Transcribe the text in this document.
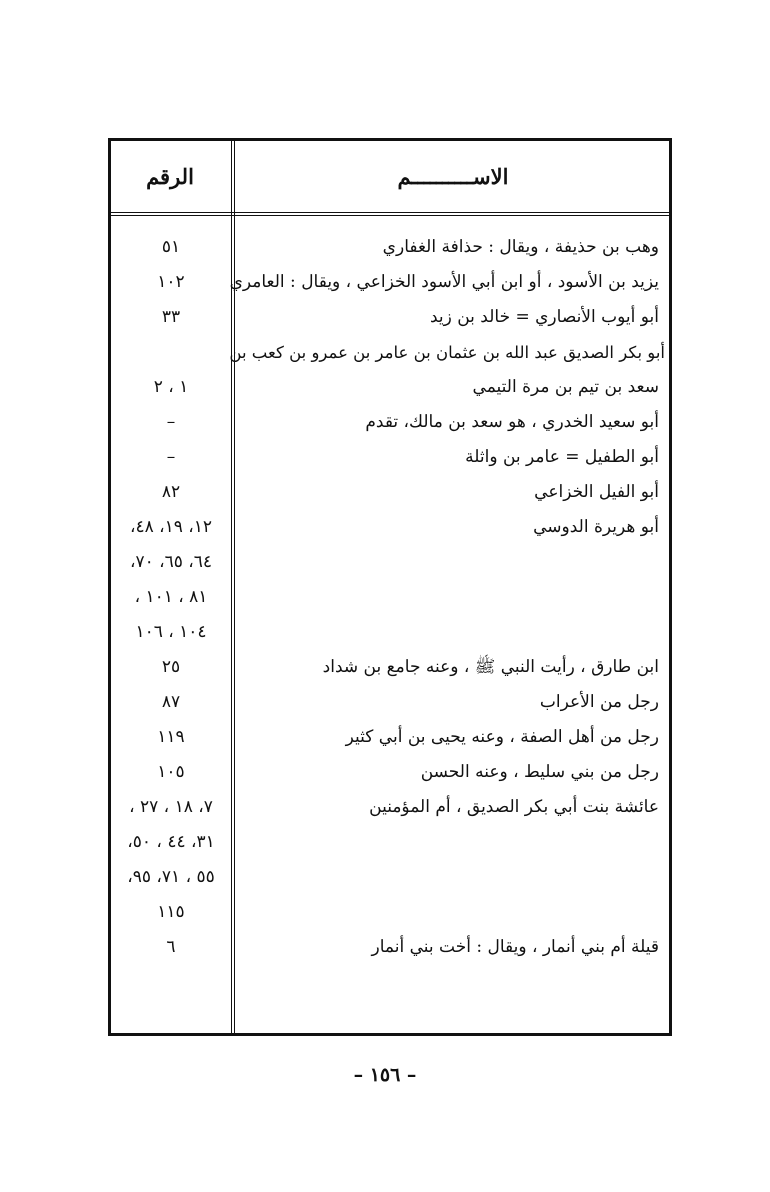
الاســــــــــم
الرقم
وهب بن حذيفة ، ويقال : حذافة الغفاري
٥١
يزيد بن الأسود ، أو ابن أبي الأسود الخزاعي ، ويقال : العامري
١٠٢
أبو أيوب الأنصاري = خالد بن زيد
٣٣
أبو بكر الصديق عبد الله بن عثمان بن عامر بن عمرو بن كعب بن
سعد بن تيم بن مرة التيمي
١ ، ٢
أبو سعيد الخدري ، هو سعد بن مالك، تقدم
–
أبو الطفيل = عامر بن واثلة
–
أبو الفيل الخزاعي
٨٢
أبو هريرة الدوسي
١٢، ١٩، ٤٨،
٦٤، ٦٥، ٧٠،
٨١ ، ١٠١ ،
١٠٤ ، ١٠٦
ابن طارق ، رأيت النبي ﷺ ، وعنه جامع بن شداد
٢٥
رجل من الأعراب
٨٧
رجل من أهل الصفة ، وعنه يحيى بن أبي كثير
١١٩
رجل من بني سليط ، وعنه الحسن
١٠٥
عائشة بنت أبي بكر الصديق ، أم المؤمنين
٧، ١٨ ، ٢٧ ،
٣١، ٤٤ ، ٥٠،
٥٥ ، ٧١، ٩٥،
١١٥
قيلة أم بني أنمار ، ويقال : أخت بني أنمار
٦
– ١٥٦ –
